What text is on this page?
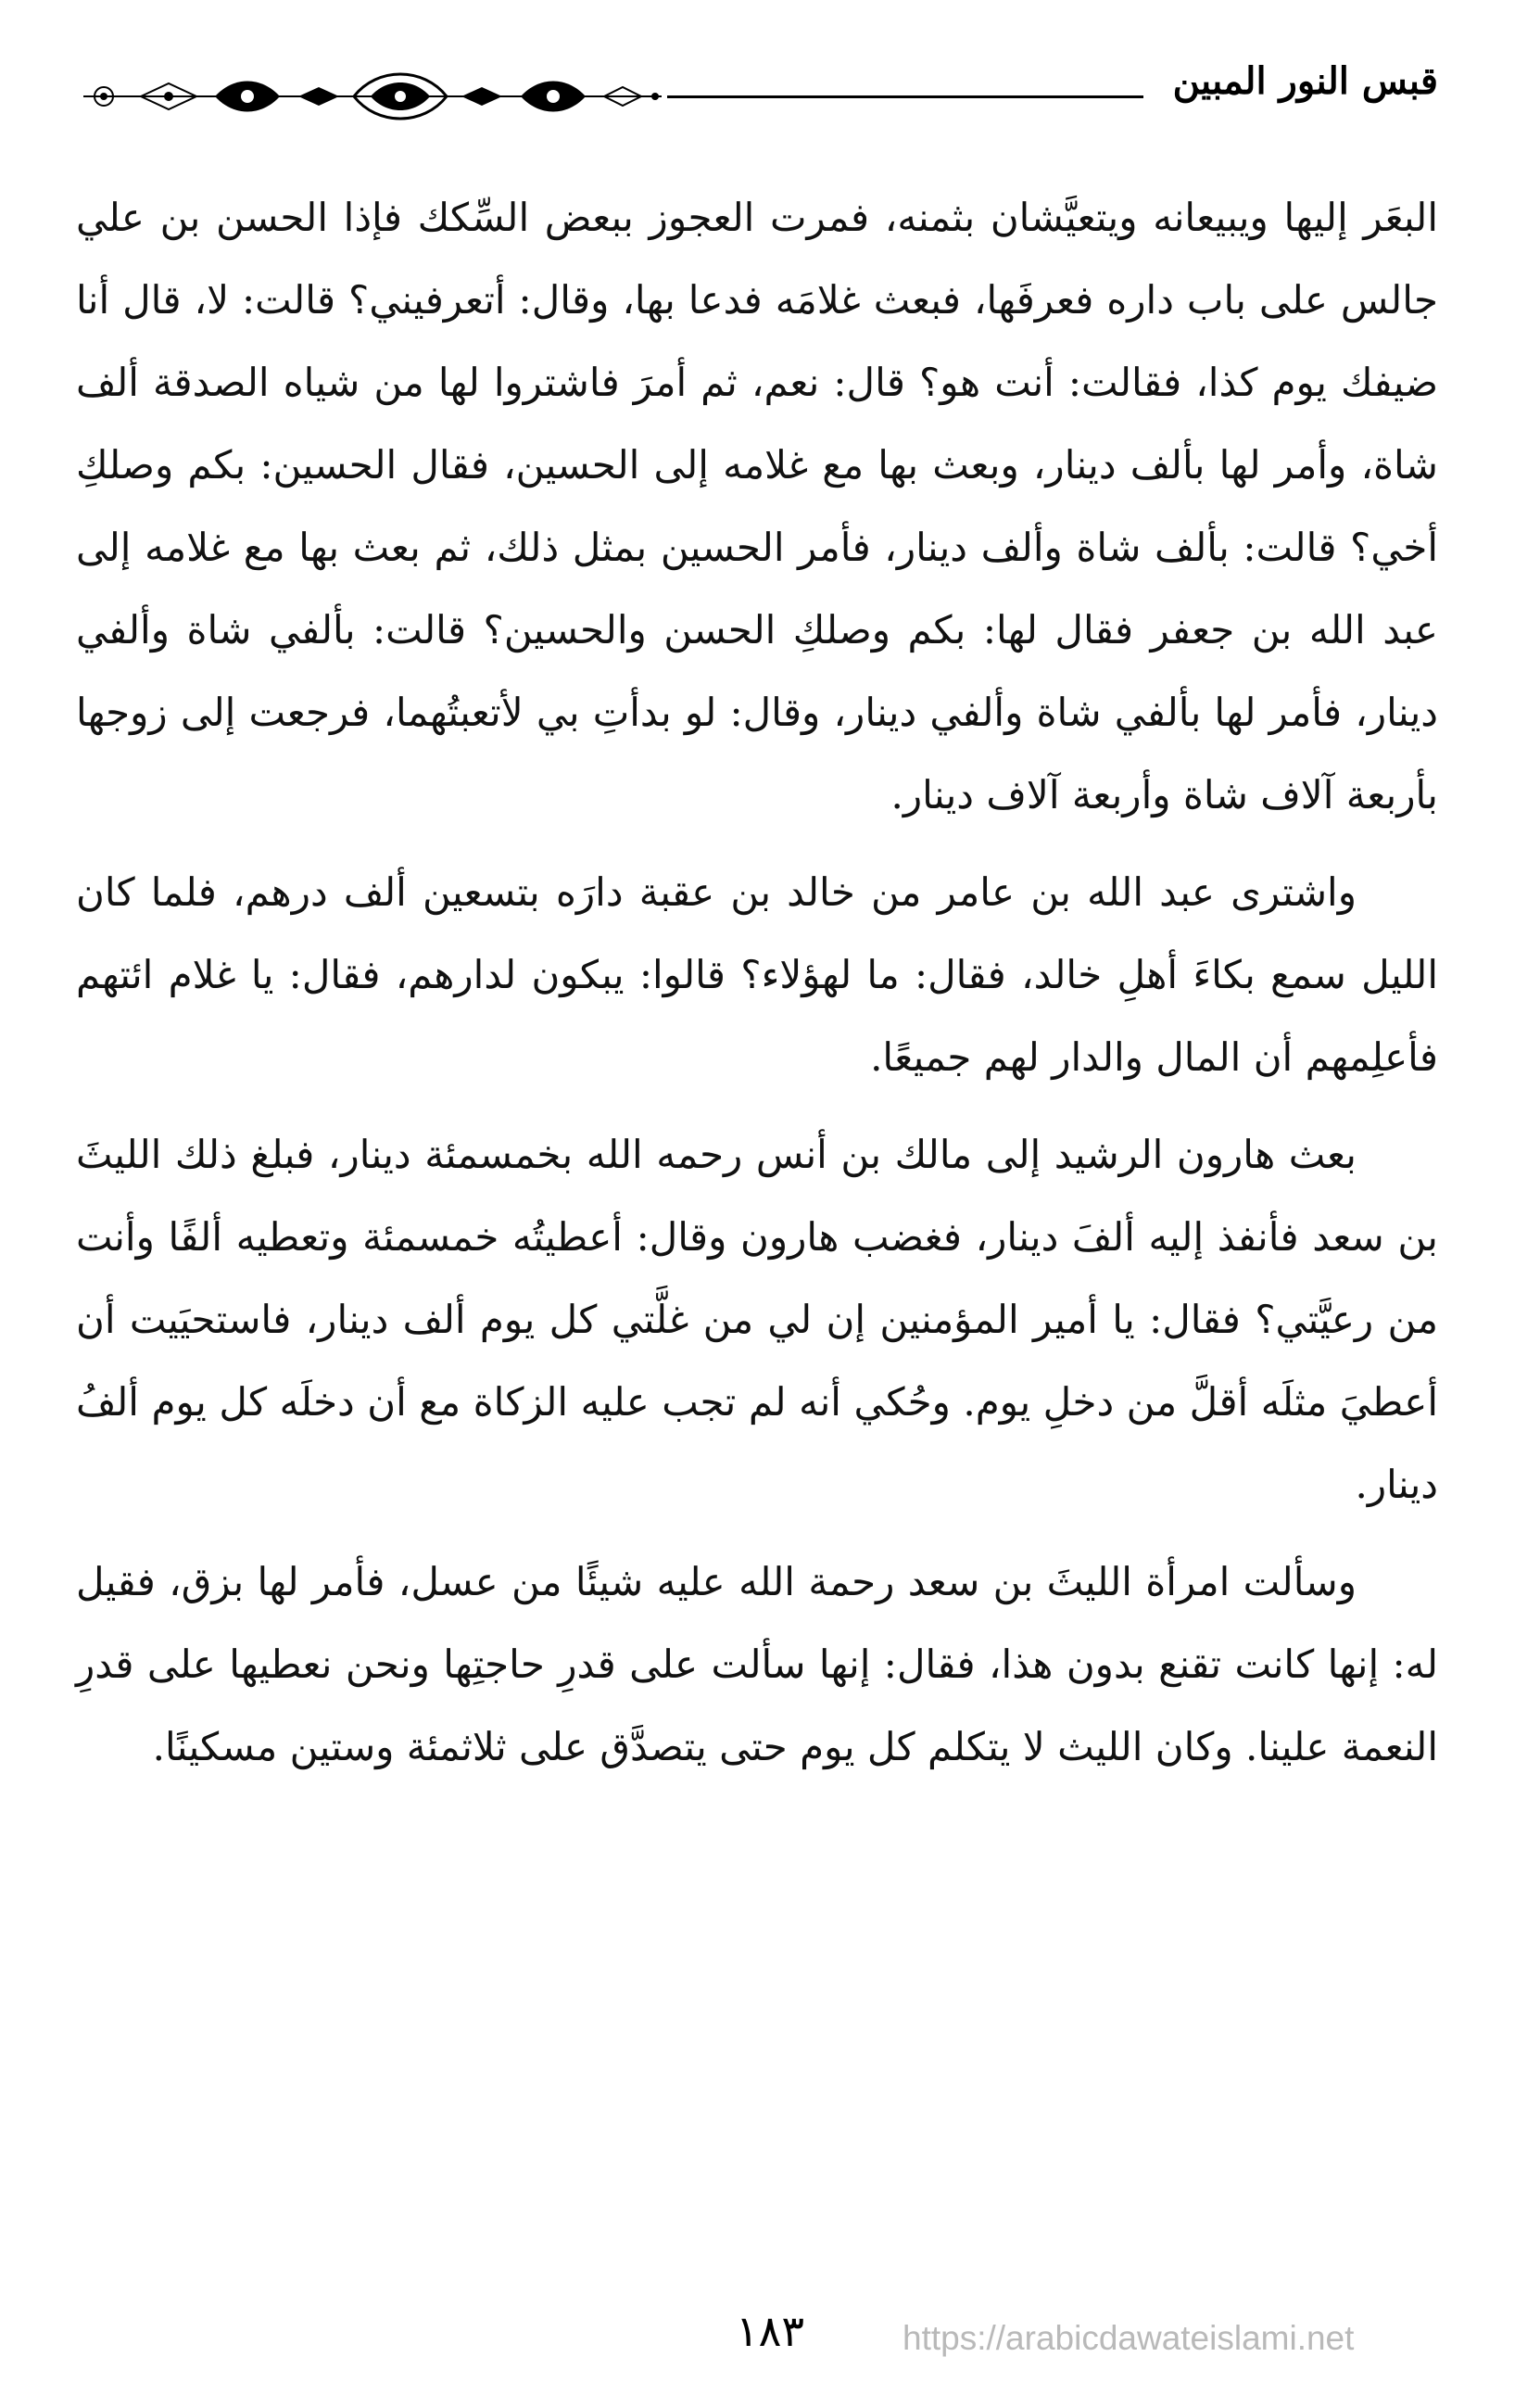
قبس النور المبين

البعَر إليها ويبيعانه ويتعيَّشان بثمنه، فمرت العجوز ببعض السِّكك فإذا الحسن بن علي جالس على باب داره فعرفَها، فبعث غلامَه فدعا بها، وقال: أتعرفيني؟ قالت: لا، قال أنا ضيفك يوم كذا، فقالت: أنت هو؟ قال: نعم، ثم أمرَ فاشتروا لها من شياه الصدقة ألف شاة، وأمر لها بألف دينار، وبعث بها مع غلامه إلى الحسين، فقال الحسين: بكم وصلكِ أخي؟ قالت: بألف شاة وألف دينار، فأمر الحسين بمثل ذلك، ثم بعث بها مع غلامه إلى عبد الله بن جعفر فقال لها: بكم وصلكِ الحسن والحسين؟ قالت: بألفي شاة وألفي دينار، فأمر لها بألفي شاة وألفي دينار، وقال: لو بدأتِ بي لأتعبتُهما، فرجعت إلى زوجها بأربعة آلاف شاة وأربعة آلاف دينار.

واشترى عبد الله بن عامر من خالد بن عقبة دارَه بتسعين ألف درهم، فلما كان الليل سمع بكاءَ أهلِ خالد، فقال: ما لهؤلاء؟ قالوا: يبكون لدارهم، فقال: يا غلام ائتهم فأعلِمهم أن المال والدار لهم جميعًا.

بعث هارون الرشيد إلى مالك بن أنس رحمه الله بخمسمئة دينار، فبلغ ذلك الليثَ بن سعد فأنفذ إليه ألفَ دينار، فغضب هارون وقال: أعطيتُه خمسمئة وتعطيه ألفًا وأنت من رعيَّتي؟ فقال: يا أمير المؤمنين إن لي من غلَّتي كل يوم ألف دينار، فاستحيَيت أن أعطيَ مثلَه أقلَّ من دخلِ يوم. وحُكي أنه لم تجب عليه الزكاة مع أن دخلَه كل يوم ألفُ دينار.

وسألت امرأة الليثَ بن سعد رحمة الله عليه شيئًا من عسل، فأمر لها بزق، فقيل له: إنها كانت تقنع بدون هذا، فقال: إنها سألت على قدرِ حاجتِها ونحن نعطيها على قدرِ النعمة علينا. وكان الليث لا يتكلم كل يوم حتى يتصدَّق على ثلاثمئة وستين مسكينًا.

١٨٣	https://arabicdawateislami.net
